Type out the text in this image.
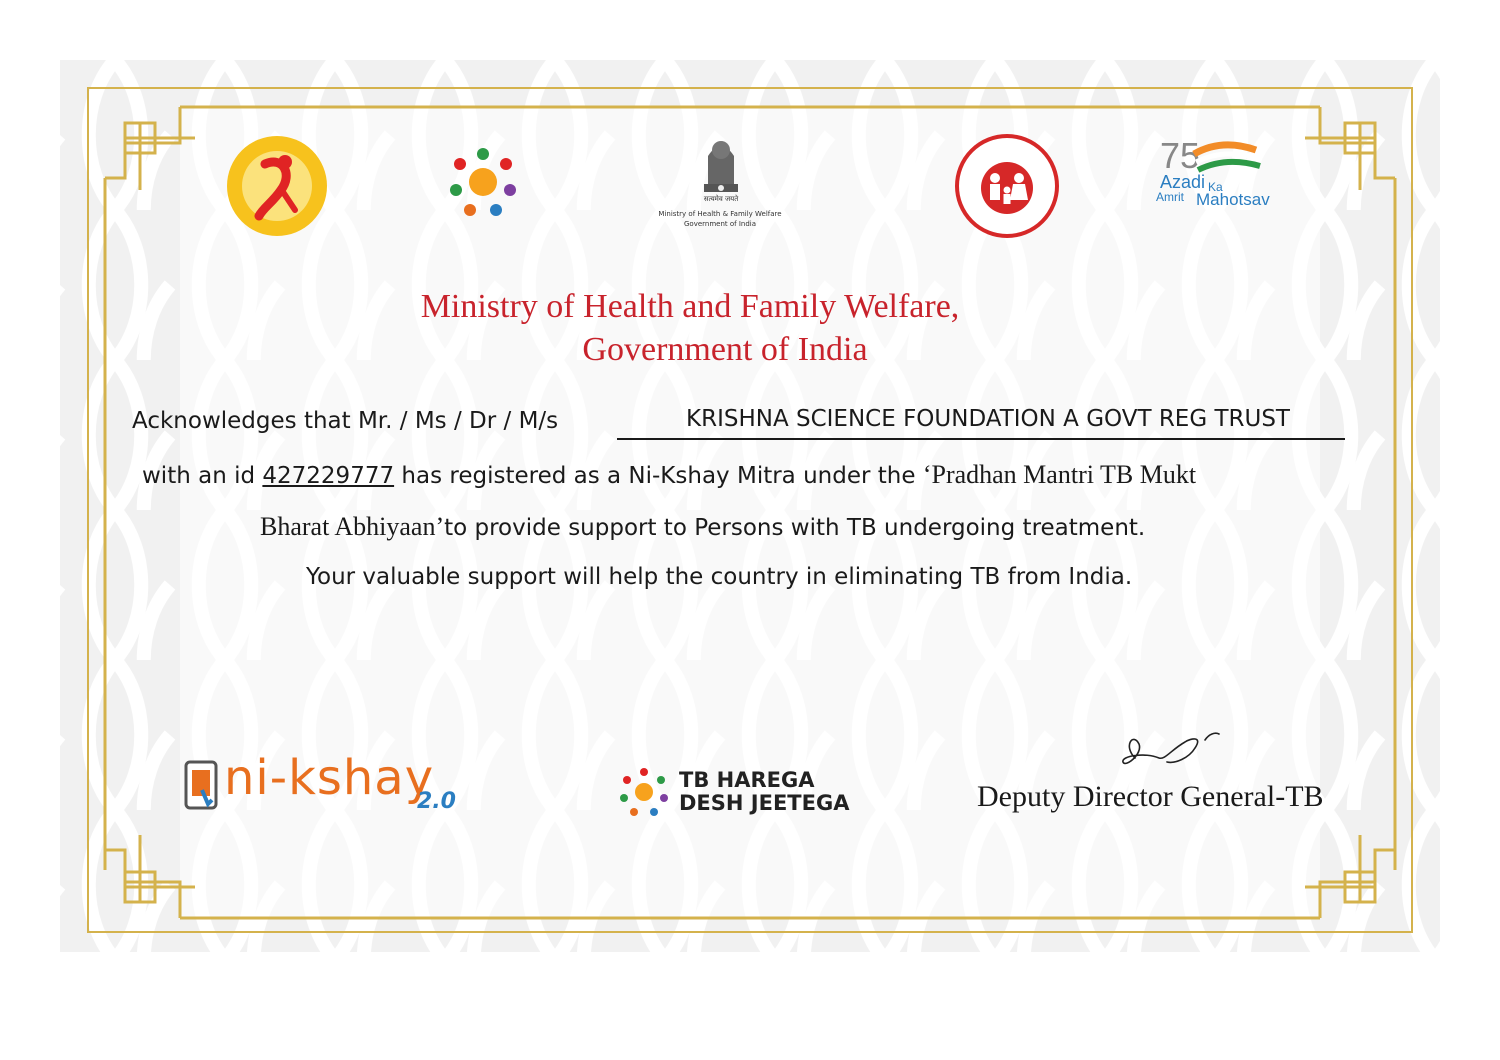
सत्यमेव जयते
Ministry of Health & Family Welfare
Government of India
75
Azadi Ka
Amrit Mahotsav
Ministry of Health and Family Welfare,
Government of India
Acknowledges that Mr. / Ms / Dr / M/s	KRISHNA SCIENCE FOUNDATION A GOVT REG TRUST
with an id 427229777 has registered as a Ni-Kshay Mitra under the ‘Pradhan Mantri TB Mukt
Bharat Abhiyaan’to provide support to Persons with TB undergoing treatment.
Your valuable support will help the country in eliminating TB from India.
ni-kshay
2.0
TB HAREGA
DESH JEETEGA	Deputy Director General-TB
